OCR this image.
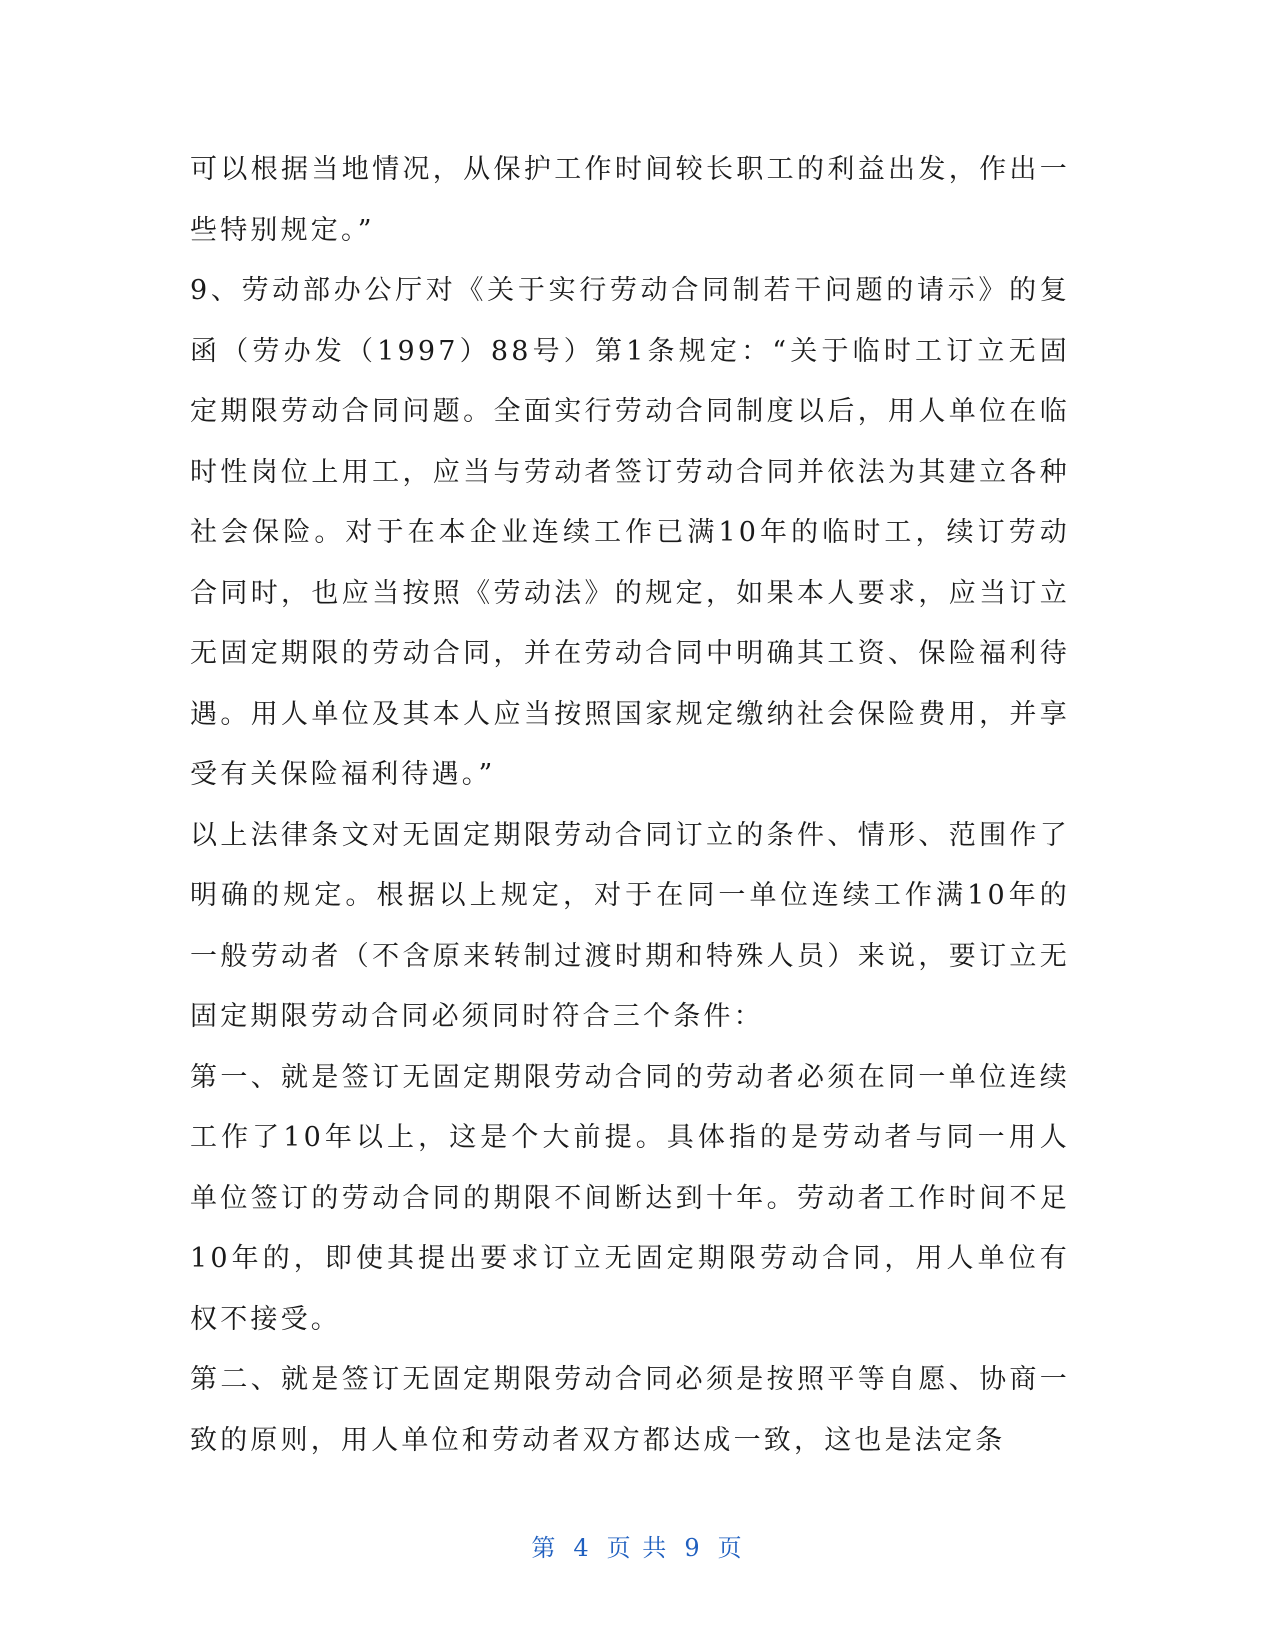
可以根据当地情况，从保护工作时间较长职工的利益出发，作出一些特别规定。”

9、劳动部办公厅对《关于实行劳动合同制若干问题的请示》的复函（劳办发（1997）88号）第1条规定：“关于临时工订立无固定期限劳动合同问题。全面实行劳动合同制度以后，用人单位在临时性岗位上用工，应当与劳动者签订劳动合同并依法为其建立各种社会保险。对于在本企业连续工作已满10年的临时工，续订劳动合同时，也应当按照《劳动法》的规定，如果本人要求，应当订立无固定期限的劳动合同，并在劳动合同中明确其工资、保险福利待遇。用人单位及其本人应当按照国家规定缴纳社会保险费用，并享受有关保险福利待遇。”

以上法律条文对无固定期限劳动合同订立的条件、情形、范围作了明确的规定。根据以上规定，对于在同一单位连续工作满10年的一般劳动者（不含原来转制过渡时期和特殊人员）来说，要订立无固定期限劳动合同必须同时符合三个条件：

第一、就是签订无固定期限劳动合同的劳动者必须在同一单位连续工作了10年以上，这是个大前提。具体指的是劳动者与同一用人单位签订的劳动合同的期限不间断达到十年。劳动者工作时间不足10年的，即使其提出要求订立无固定期限劳动合同，用人单位有权不接受。

第二、就是签订无固定期限劳动合同必须是按照平等自愿、协商一致的原则，用人单位和劳动者双方都达成一致，这也是法定条

第 4 页 共 9 页
